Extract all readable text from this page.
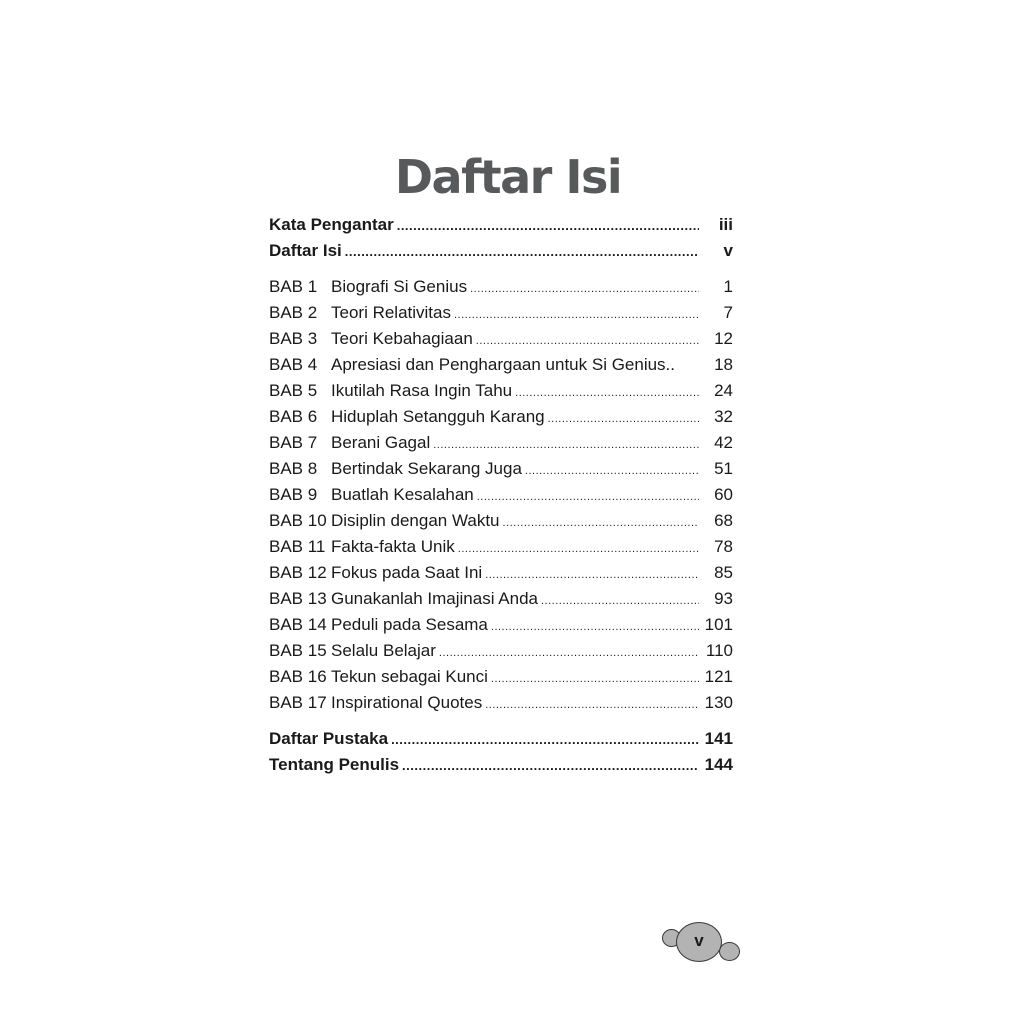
Daftar Isi
Kata Pengantar .....	iii
Daftar Isi .....	v
BAB 1 Biografi Si Genius .....	1
BAB 2 Teori Relativitas .....	7
BAB 3 Teori Kebahagiaan .....	12
BAB 4 Apresiasi dan Penghargaan untuk Si Genius..	18
BAB 5 Ikutilah Rasa Ingin Tahu .....	24
BAB 6 Hiduplah Setangguh Karang .....	32
BAB 7 Berani Gagal .....	42
BAB 8 Bertindak Sekarang Juga .....	51
BAB 9 Buatlah Kesalahan .....	60
BAB 10 Disiplin dengan Waktu .....	68
BAB 11 Fakta-fakta Unik .....	78
BAB 12 Fokus pada Saat Ini .....	85
BAB 13 Gunakanlah Imajinasi Anda .....	93
BAB 14 Peduli pada Sesama .....	101
BAB 15 Selalu Belajar .....	110
BAB 16 Tekun sebagai Kunci .....	121
BAB 17 Inspirational Quotes .....	130
Daftar Pustaka .....	141
Tentang Penulis .....	144
v
